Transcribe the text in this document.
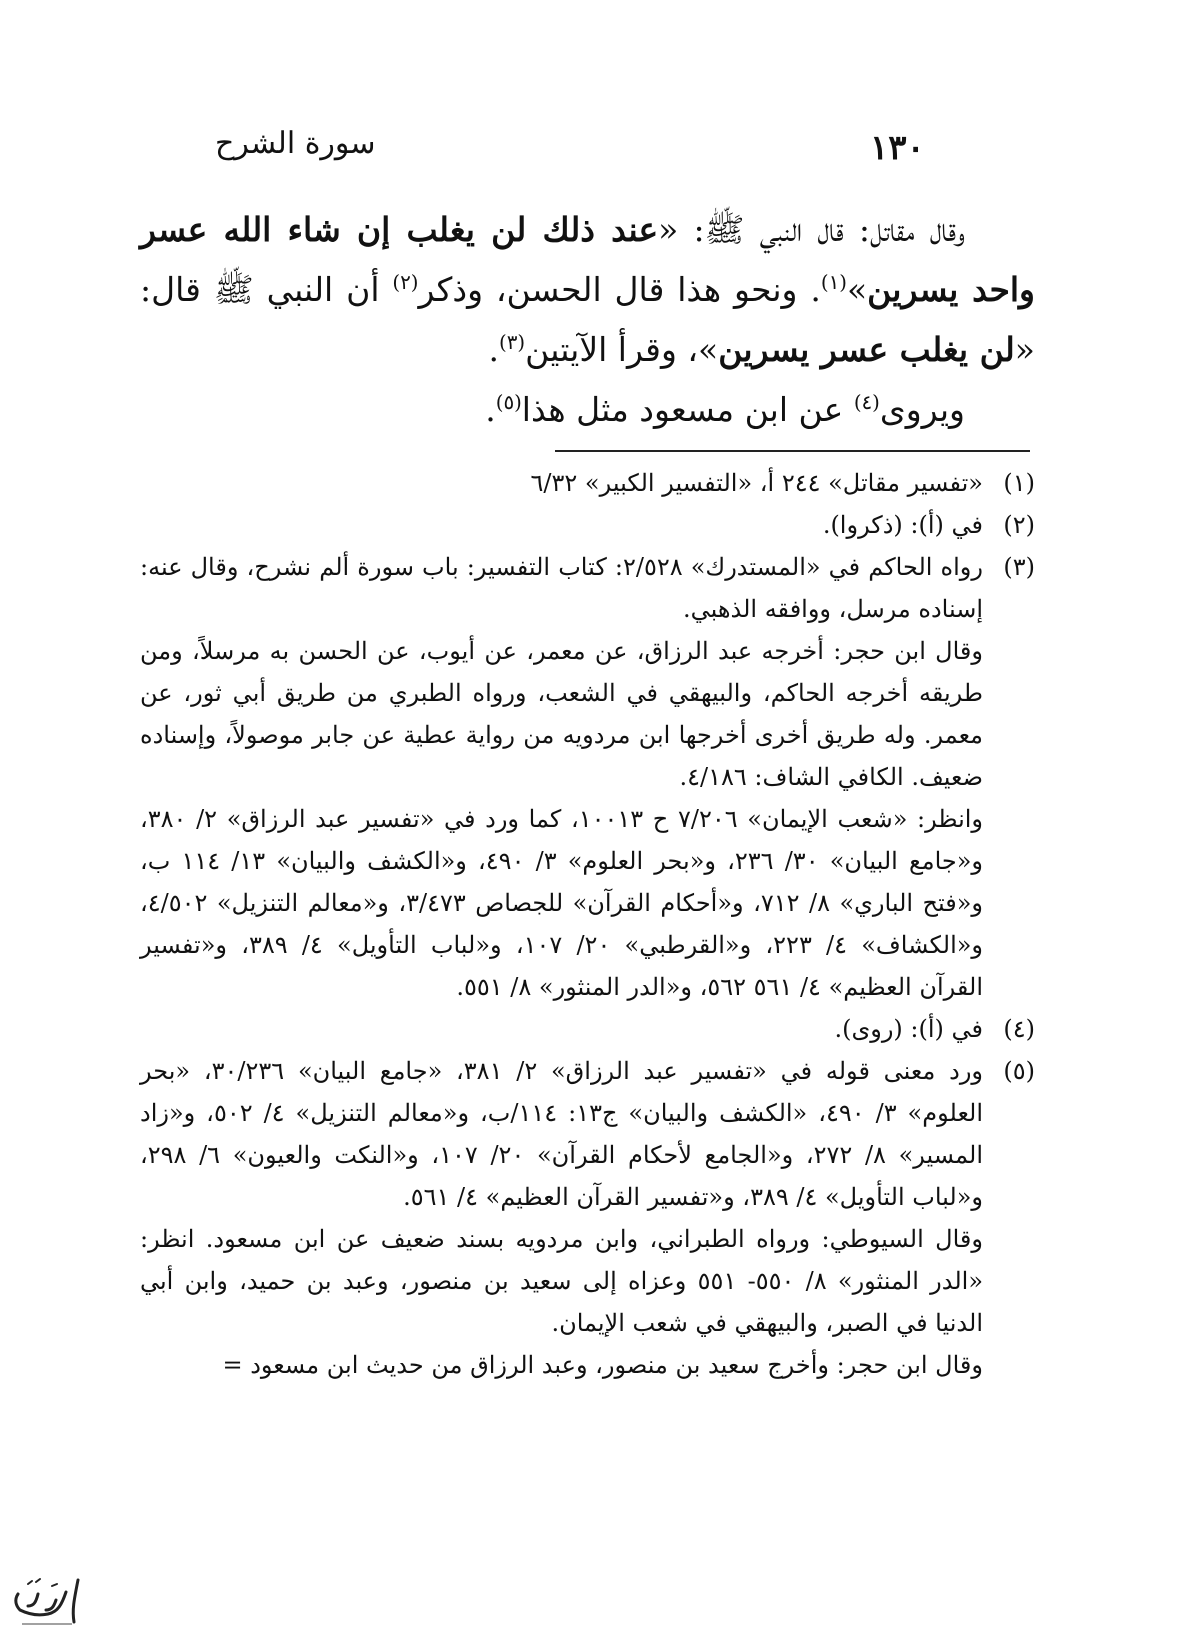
١٣٠
سورة الشرح

وقال مقاتل: قال النبي ﷺ: «عند ذلك لن يغلب إن شاء الله عسر واحد يسرين»$^{(١)}$. ونحو هذا قال الحسن، وذكر$^{(٢)}$ أن النبي ﷺ قال: «لن يغلب عسر يسرين»، وقرأ الآيتين$^{(٣)}$.

ويروى$^{(٤)}$ عن ابن مسعود مثل هذا$^{(٥)}$.

(١)«تفسير مقاتل» ٢٤٤ أ، «التفسير الكبير» ٦/٣٢

(٢)في (أ): (ذكروا).

(٣)رواه الحاكم في «المستدرك» ٢/٥٢٨: كتاب التفسير: باب سورة ألم نشرح، وقال عنه: إسناده مرسل، ووافقه الذهبي.

وقال ابن حجر: أخرجه عبد الرزاق، عن معمر، عن أيوب، عن الحسن به مرسلاً، ومن طريقه أخرجه الحاكم، والبيهقي في الشعب، ورواه الطبري من طريق أبي ثور، عن معمر. وله طريق أخرى أخرجها ابن مردويه من رواية عطية عن جابر موصولاً، وإسناده ضعيف. الكافي الشاف: ٤/١٨٦.

وانظر: «شعب الإيمان» ٧/٢٠٦ ح ١٠٠١٣، كما ورد في «تفسير عبد الرزاق» ٢/ ٣٨٠، و«جامع البيان» ٣٠/ ٢٣٦، و«بحر العلوم» ٣/ ٤٩٠، و«الكشف والبيان» ١٣/ ١١٤ ب، و«فتح الباري» ٨/ ٧١٢، و«أحكام القرآن» للجصاص ٣/٤٧٣، و«معالم التنزيل» ٤/٥٠٢، و«الكشاف» ٤/ ٢٢٣، و«القرطبي» ٢٠/ ١٠٧، و«لباب التأويل» ٤/ ٣٨٩، و«تفسير القرآن العظيم» ٤/ ٥٦١ ٥٦٢، و«الدر المنثور» ٨/ ٥٥١.

(٤)في (أ): (روى).

(٥)ورد معنى قوله في «تفسير عبد الرزاق» ٢/ ٣٨١، «جامع البيان» ٣٠/٢٣٦، «بحر العلوم» ٣/ ٤٩٠، «الكشف والبيان» ج١٣: ١١٤/ب، و«معالم التنزيل» ٤/ ٥٠٢، و«زاد المسير» ٨/ ٢٧٢، و«الجامع لأحكام القرآن» ٢٠/ ١٠٧، و«النكت والعيون» ٦/ ٢٩٨، و«لباب التأويل» ٤/ ٣٨٩، و«تفسير القرآن العظيم» ٤/ ٥٦١.

وقال السيوطي: ورواه الطبراني، وابن مردويه بسند ضعيف عن ابن مسعود. انظر: «الدر المنثور» ٨/ ٥٥٠- ٥٥١ وعزاه إلى سعيد بن منصور، وعبد بن حميد، وابن أبي الدنيا في الصبر، والبيهقي في شعب الإيمان.

وقال ابن حجر: وأخرج سعيد بن منصور، وعبد الرزاق من حديث ابن مسعود =
